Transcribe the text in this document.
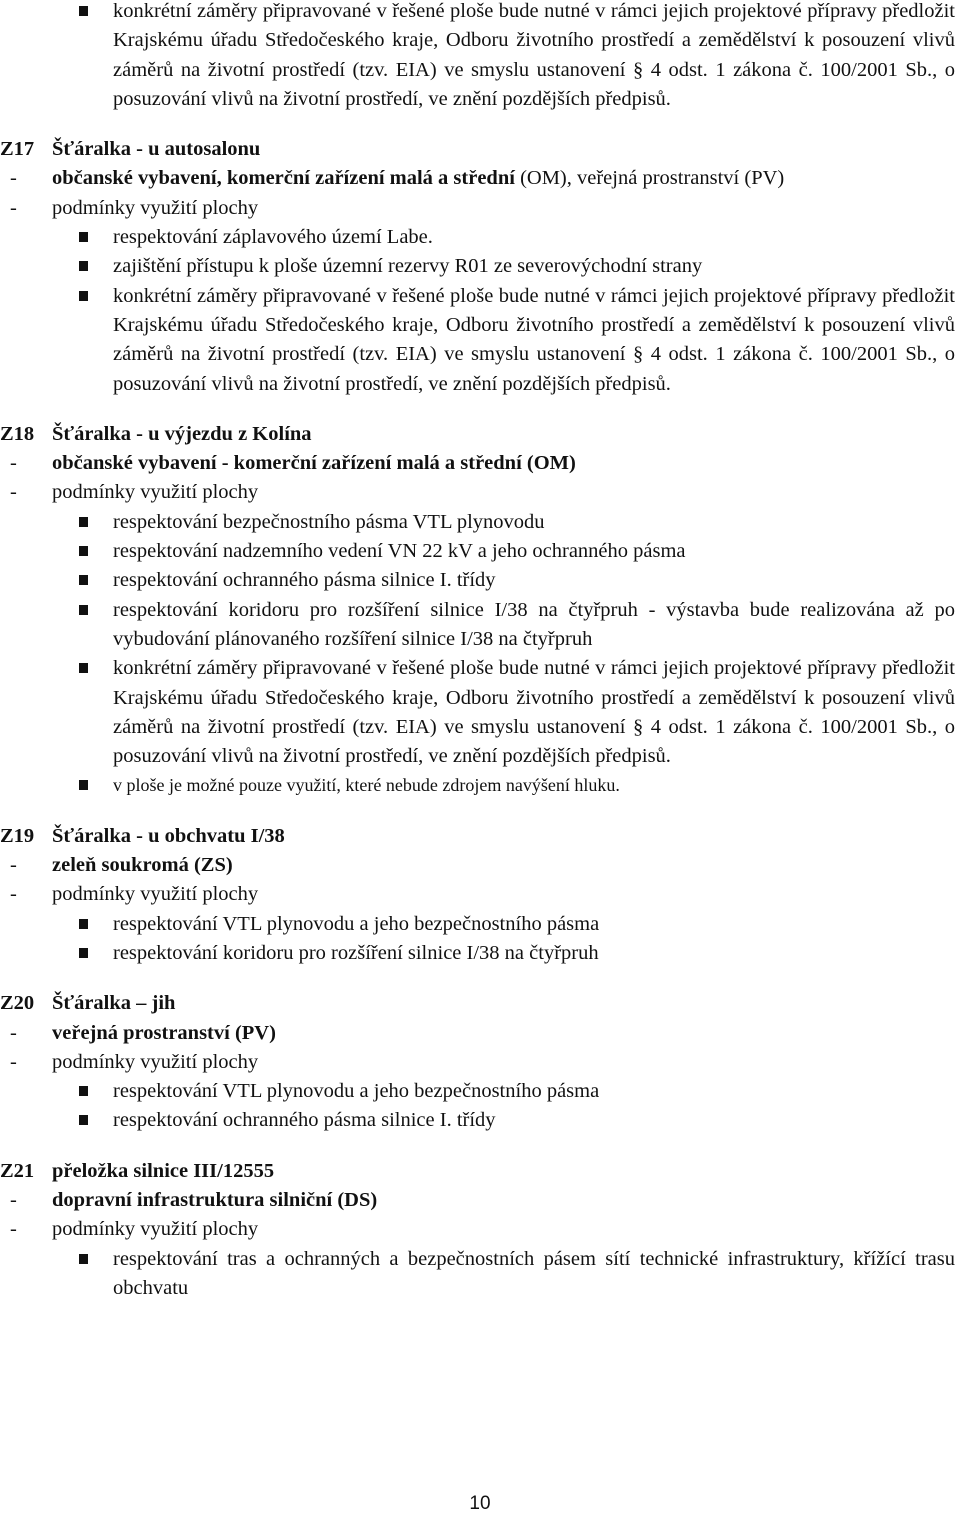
konkrétní záměry připravované v řešené ploše bude nutné v rámci jejich projektové přípravy předložit Krajskému úřadu Středočeského kraje, Odboru životního prostředí a zemědělství k posouzení vlivů záměrů na životní prostředí (tzv. EIA) ve smyslu ustanovení § 4 odst. 1 zákona č. 100/2001 Sb., o posuzování vlivů na životní prostředí, ve znění pozdějších předpisů.
Z17 Šťáralka - u autosalonu
- občanské vybavení, komerční zařízení malá a střední (OM), veřejná prostranství (PV)
- podmínky využití plochy
respektování záplavového území Labe.
zajištění přístupu k ploše územní rezervy R01 ze severovýchodní strany
konkrétní záměry připravované v řešené ploše bude nutné v rámci jejich projektové přípravy předložit Krajskému úřadu Středočeského kraje, Odboru životního prostředí a zemědělství k posouzení vlivů záměrů na životní prostředí (tzv. EIA) ve smyslu ustanovení § 4 odst. 1 zákona č. 100/2001 Sb., o posuzování vlivů na životní prostředí, ve znění pozdějších předpisů.
Z18 Šťáralka - u výjezdu z Kolína
- občanské vybavení - komerční zařízení malá a střední (OM)
- podmínky využití plochy
respektování bezpečnostního pásma VTL plynovodu
respektování nadzemního vedení VN 22 kV a jeho ochranného pásma
respektování ochranného pásma silnice I. třídy
respektování koridoru pro rozšíření silnice I/38 na čtyřpruh - výstavba bude realizována až po vybudování plánovaného rozšíření silnice I/38 na čtyřpruh
konkrétní záměry připravované v řešené ploše bude nutné v rámci jejich projektové přípravy předložit Krajskému úřadu Středočeského kraje, Odboru životního prostředí a zemědělství k posouzení vlivů záměrů na životní prostředí (tzv. EIA) ve smyslu ustanovení § 4 odst. 1 zákona č. 100/2001 Sb., o posuzování vlivů na životní prostředí, ve znění pozdějších předpisů.
v ploše je možné pouze využití, které nebude zdrojem navýšení hluku.
Z19 Šťáralka - u obchvatu I/38
- zeleň soukromá (ZS)
- podmínky využití plochy
respektování VTL plynovodu a jeho bezpečnostního pásma
respektování koridoru pro rozšíření silnice I/38 na čtyřpruh
Z20 Šťáralka – jih
- veřejná prostranství (PV)
- podmínky využití plochy
respektování VTL plynovodu a jeho bezpečnostního pásma
respektování ochranného pásma silnice I. třídy
Z21 přeložka silnice III/12555
- dopravní infrastruktura silniční (DS)
- podmínky využití plochy
respektování tras a ochranných a bezpečnostních pásem sítí technické infrastruktury, křížící trasu obchvatu
10
